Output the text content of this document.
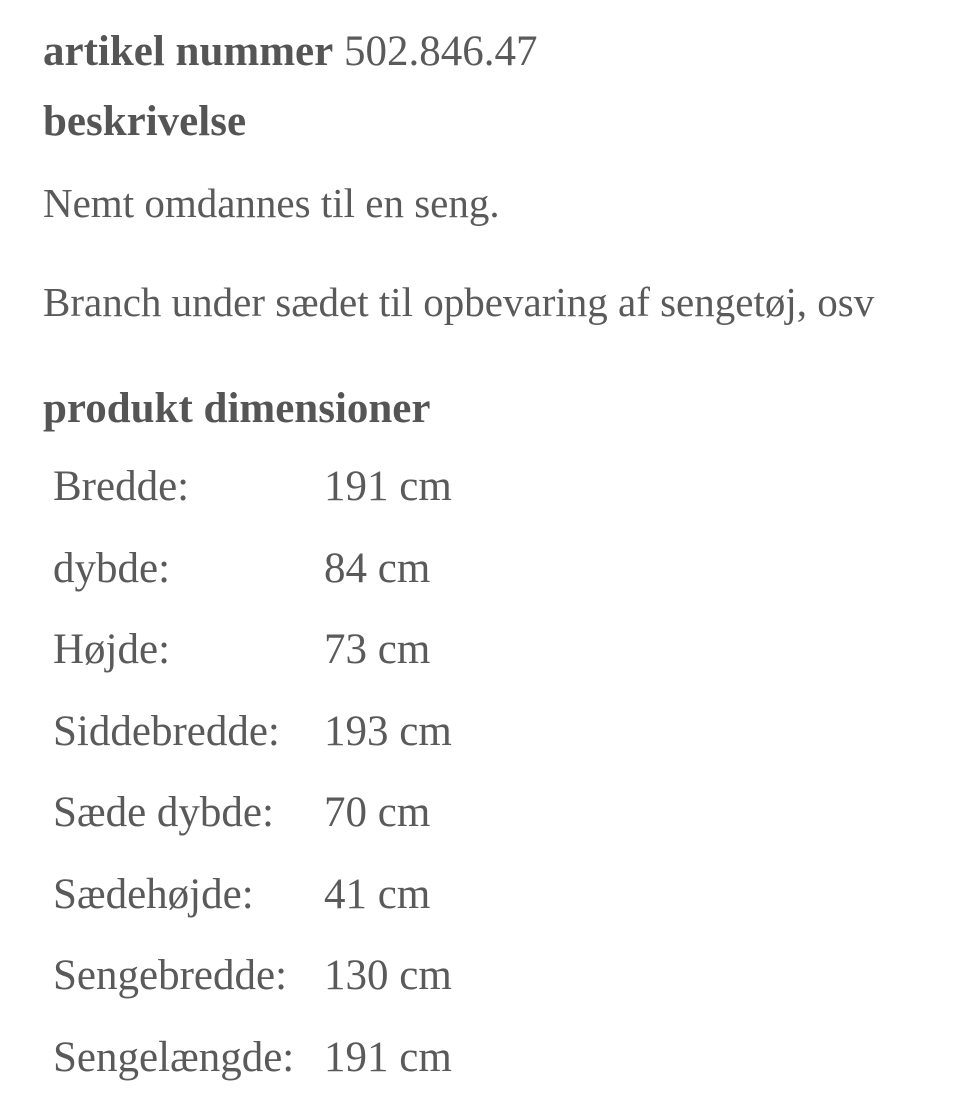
artikel nummer 502.846.47
beskrivelse
Nemt omdannes til en seng.
Branch under sædet til opbevaring af sengetøj, osv
produkt dimensioner
Bredde:	191 cm
dybde:	84 cm
Højde:	73 cm
Siddebredde: 193 cm
Sæde dybde: 70 cm
Sædehøjde: 41 cm
Sengebredde: 130 cm
Sengelængde: 191 cm
